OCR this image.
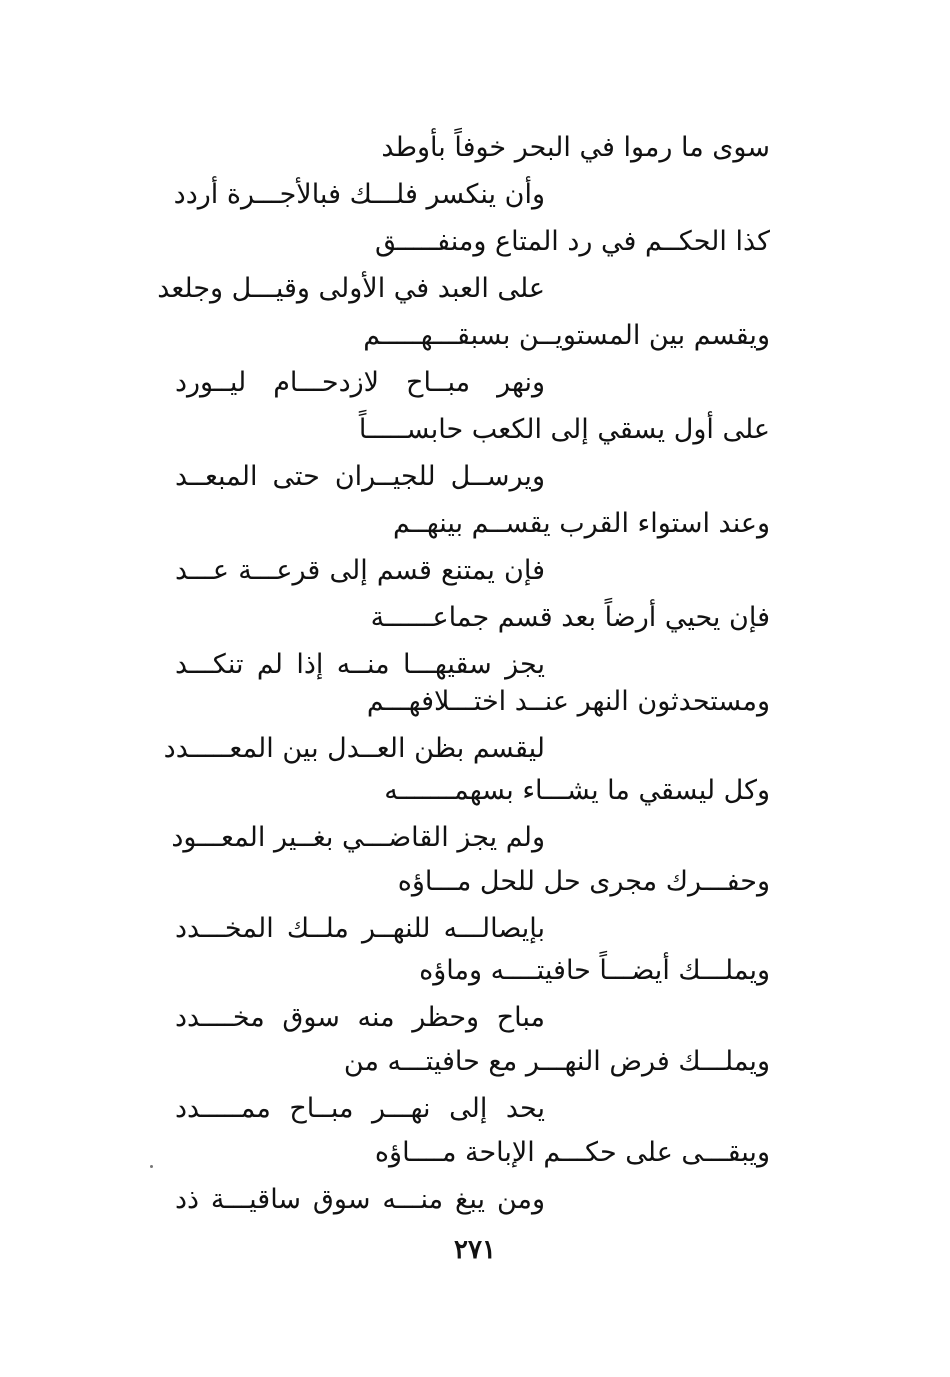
سوى ما رموا في البحر خوفاً بأوطد
وأن ينكسر فلـــك فبالأجـــرة أردد
كذا الحكــم في رد المتاع ومنفـــــق
على العبد في الأولى وقيـــل وجلعد
ويقسم بين المستويــن بسبقـــهـــــم
ونهر مبــاح لازدحـــام ليــورد
على أول يسقي إلى الكعب حابســـــاً
ويرســل للجيــران حتى المبعــد
وعند استواء القرب يقســم بينهــم
فإن يمتنع قسم إلى قرعـــة عـــد
فإن يحيي أرضاً بعد قسم جماعــــــة
يجز سقيهـــا منــه إذا لم تنكـــد
ومستحدثون النهر عنــد اختـــلافهـــم
ليقسم بظن العــدل بين المعـــــدد
وكل ليسقي ما يشـــاء بسهمـــــــه
ولم يجز القاضـــي بغــير المعـــود
وحفـــرك مجرى حل للحل مـــاؤه
بإيصالـــه للنهــر ملــك المخـــدد
ويملـــك أيضـــاً حافيتــــه وماؤه
مباح وحظر منه سوق مخــــدد
ويملـــك فرض النهـــر مع حافيتـــه من
يحد إلى نهـــر مبــاح ممـــــدد
ويبقـــى على حكـــم الإباحة مــــاؤه
ومن يبغ منـــه سوق ساقيـــة ذد
٢٧١
